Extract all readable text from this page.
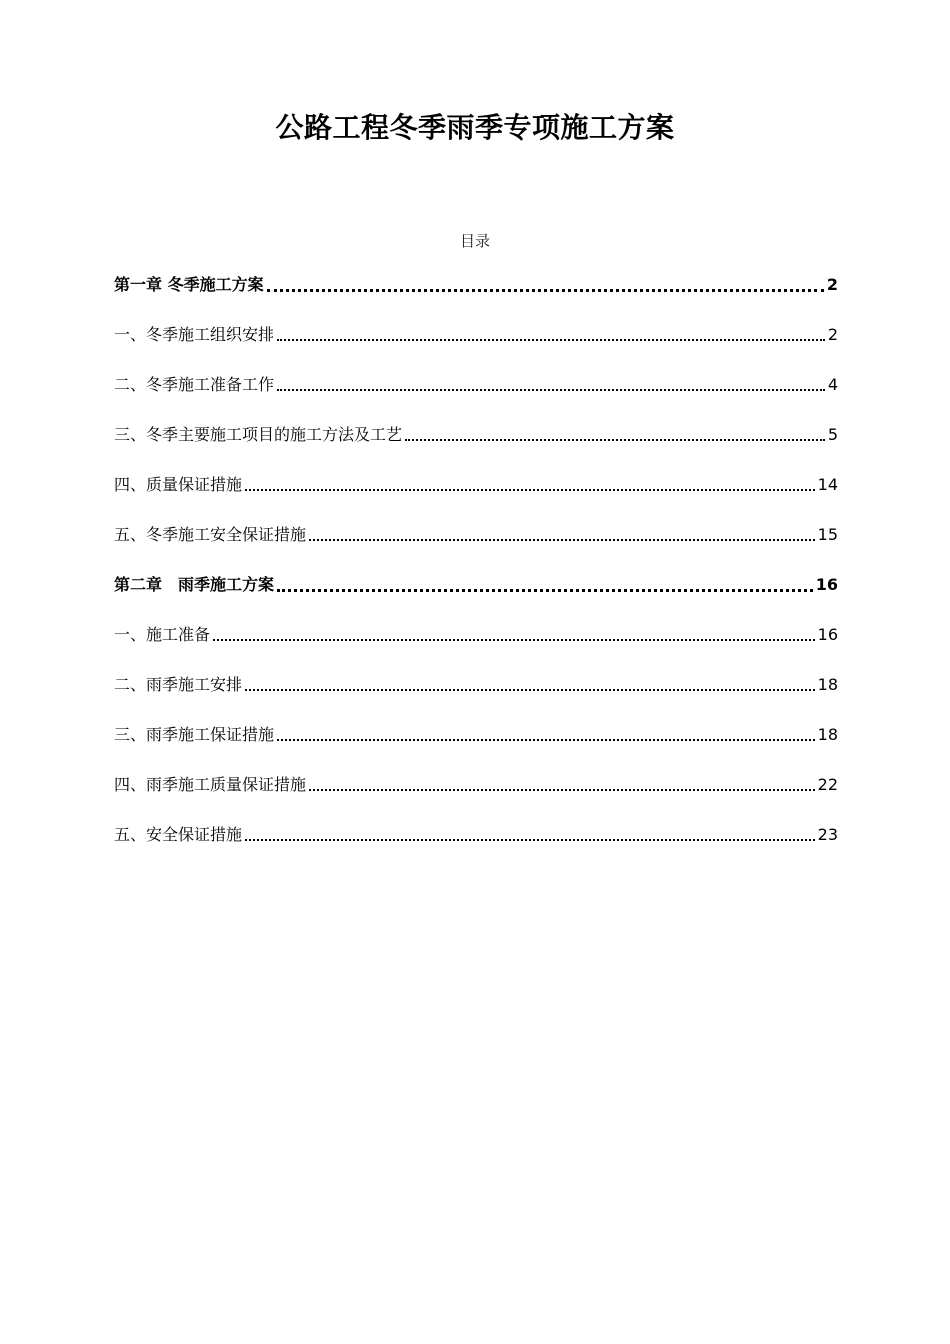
公路工程冬季雨季专项施工方案
目录
第一章 冬季施工方案	2
一、冬季施工组织安排	2
二、冬季施工准备工作	4
三、冬季主要施工项目的施工方法及工艺	5
四、质量保证措施	14
五、冬季施工安全保证措施	15
第二章　雨季施工方案	16
一、施工准备	16
二、雨季施工安排	18
三、雨季施工保证措施	18
四、雨季施工质量保证措施	22
五、安全保证措施	23
